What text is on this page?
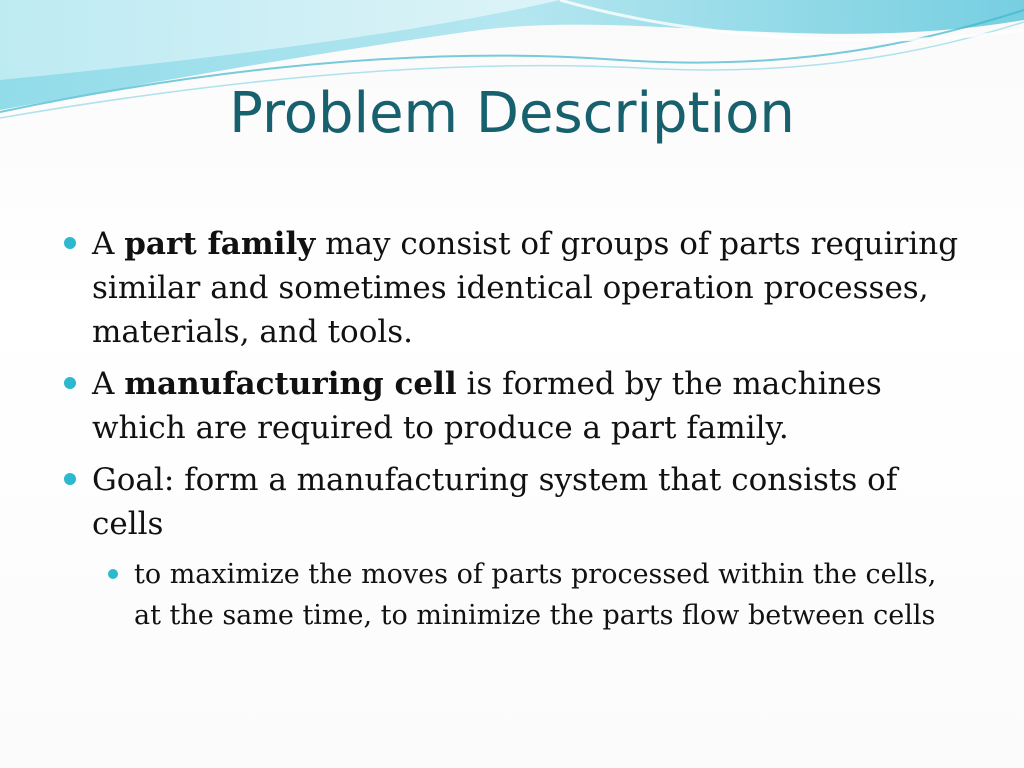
Problem Description
A part family may consist of groups of parts requiring similar and sometimes identical operation processes, materials, and tools.
A manufacturing cell is formed by the machines which are required to produce a part family.
Goal: form a manufacturing system that consists of cells
to maximize the moves of parts processed within the cells, at the same time, to minimize the parts flow between cells
